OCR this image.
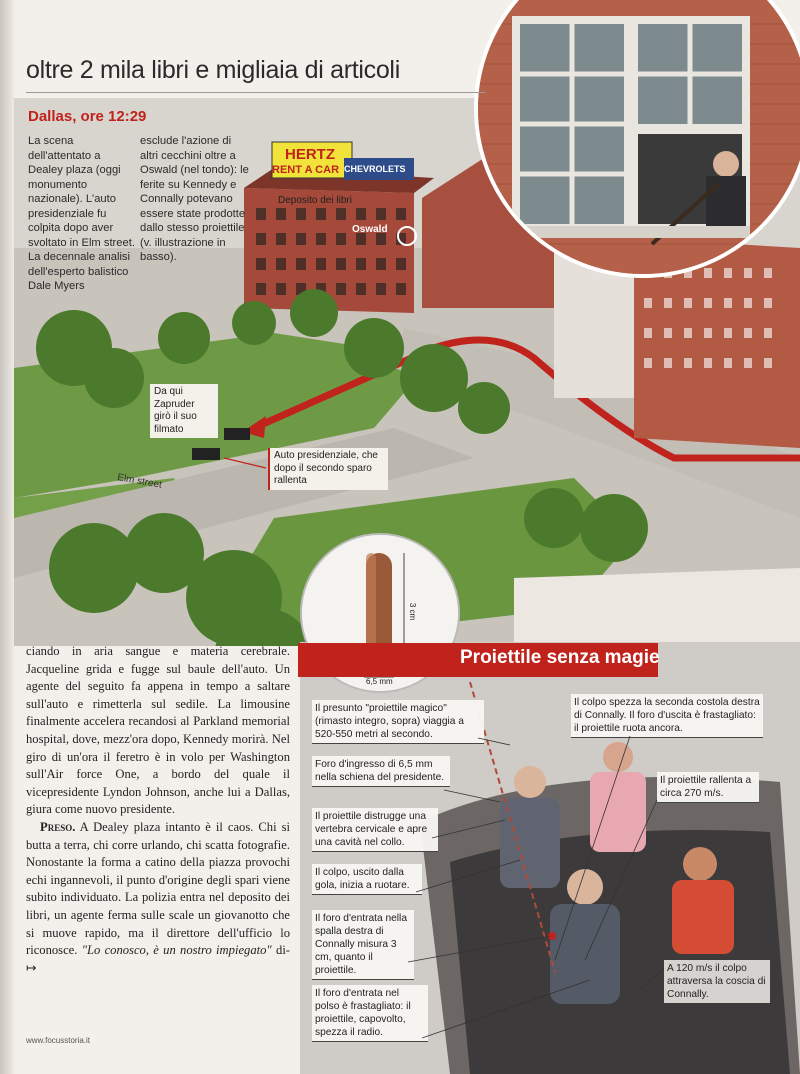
oltre 2 mila libri e migliaia di articoli
Dallas, ore 12:29
La scena dell'attentato a Dealey plaza (oggi monumento nazionale). L'auto presidenziale fu colpita dopo aver svoltato in Elm street. La decennale analisi dell'esperto balistico Dale Myers
esclude l'azione di altri cecchini oltre a Oswald (nel tondo): le ferite su Kennedy e Connally potevano essere state prodotte dallo stesso proiettile (v. illustrazione in basso).
HERTZ
RENT A CAR CHEVROLETS
Deposito dei libri
Oswald
Da qui Zapruder girò il suo filmato
Auto presidenziale, che dopo il secondo sparo rallenta
Elm street

ciando in aria sangue e materia cerebrale. Jacqueline grida e fugge sul baule dell'auto. Un agente del seguito fa appena in tempo a saltare sull'auto e rimetterla sul sedile. La limousine finalmente accelera recandosi al Parkland memorial hospital, dove, mezz'ora dopo, Kennedy morirà. Nel giro di un'ora il feretro è in volo per Washington sull'Air force One, a bordo del quale il vicepresidente Lyndon Johnson, anche lui a Dallas, giura come nuovo presidente.

Preso. A Dealey plaza intanto è il caos. Chi si butta a terra, chi corre urlando, chi scatta fotografie. Nonostante la forma a catino della piazza provochi echi ingannevoli, il punto d'origine degli spari viene subito individuato. La polizia entra nel deposito dei libri, un agente ferma sulle scale un giovanotto che si muove rapido, ma il direttore dell'ufficio lo riconosce. "Lo conosco, è un nostro impiegato" di- ↦

www.focusstoria.it
3 cm
6,5 mm
Proiettile senza magie
Il presunto "proiettile magico" (rimasto integro, sopra) viaggia a 520-550 metri al secondo.
Foro d'ingresso di 6,5 mm nella schiena del presidente.
Il proiettile distrugge una vertebra cervicale e apre una cavità nel collo.
Il colpo, uscito dalla gola, inizia a ruotare.
Il foro d'entrata nella spalla destra di Connally misura 3 cm, quanto il proiettile.
Il foro d'entrata nel polso è frastagliato: il proiettile, capovolto, spezza il radio.
Il colpo spezza la seconda costola destra di Connally. Il foro d'uscita è frastagliato: il proiettile ruota ancora.
Il proiettile rallenta a circa 270 m/s.
A 120 m/s il colpo attraversa la coscia di Connally.
